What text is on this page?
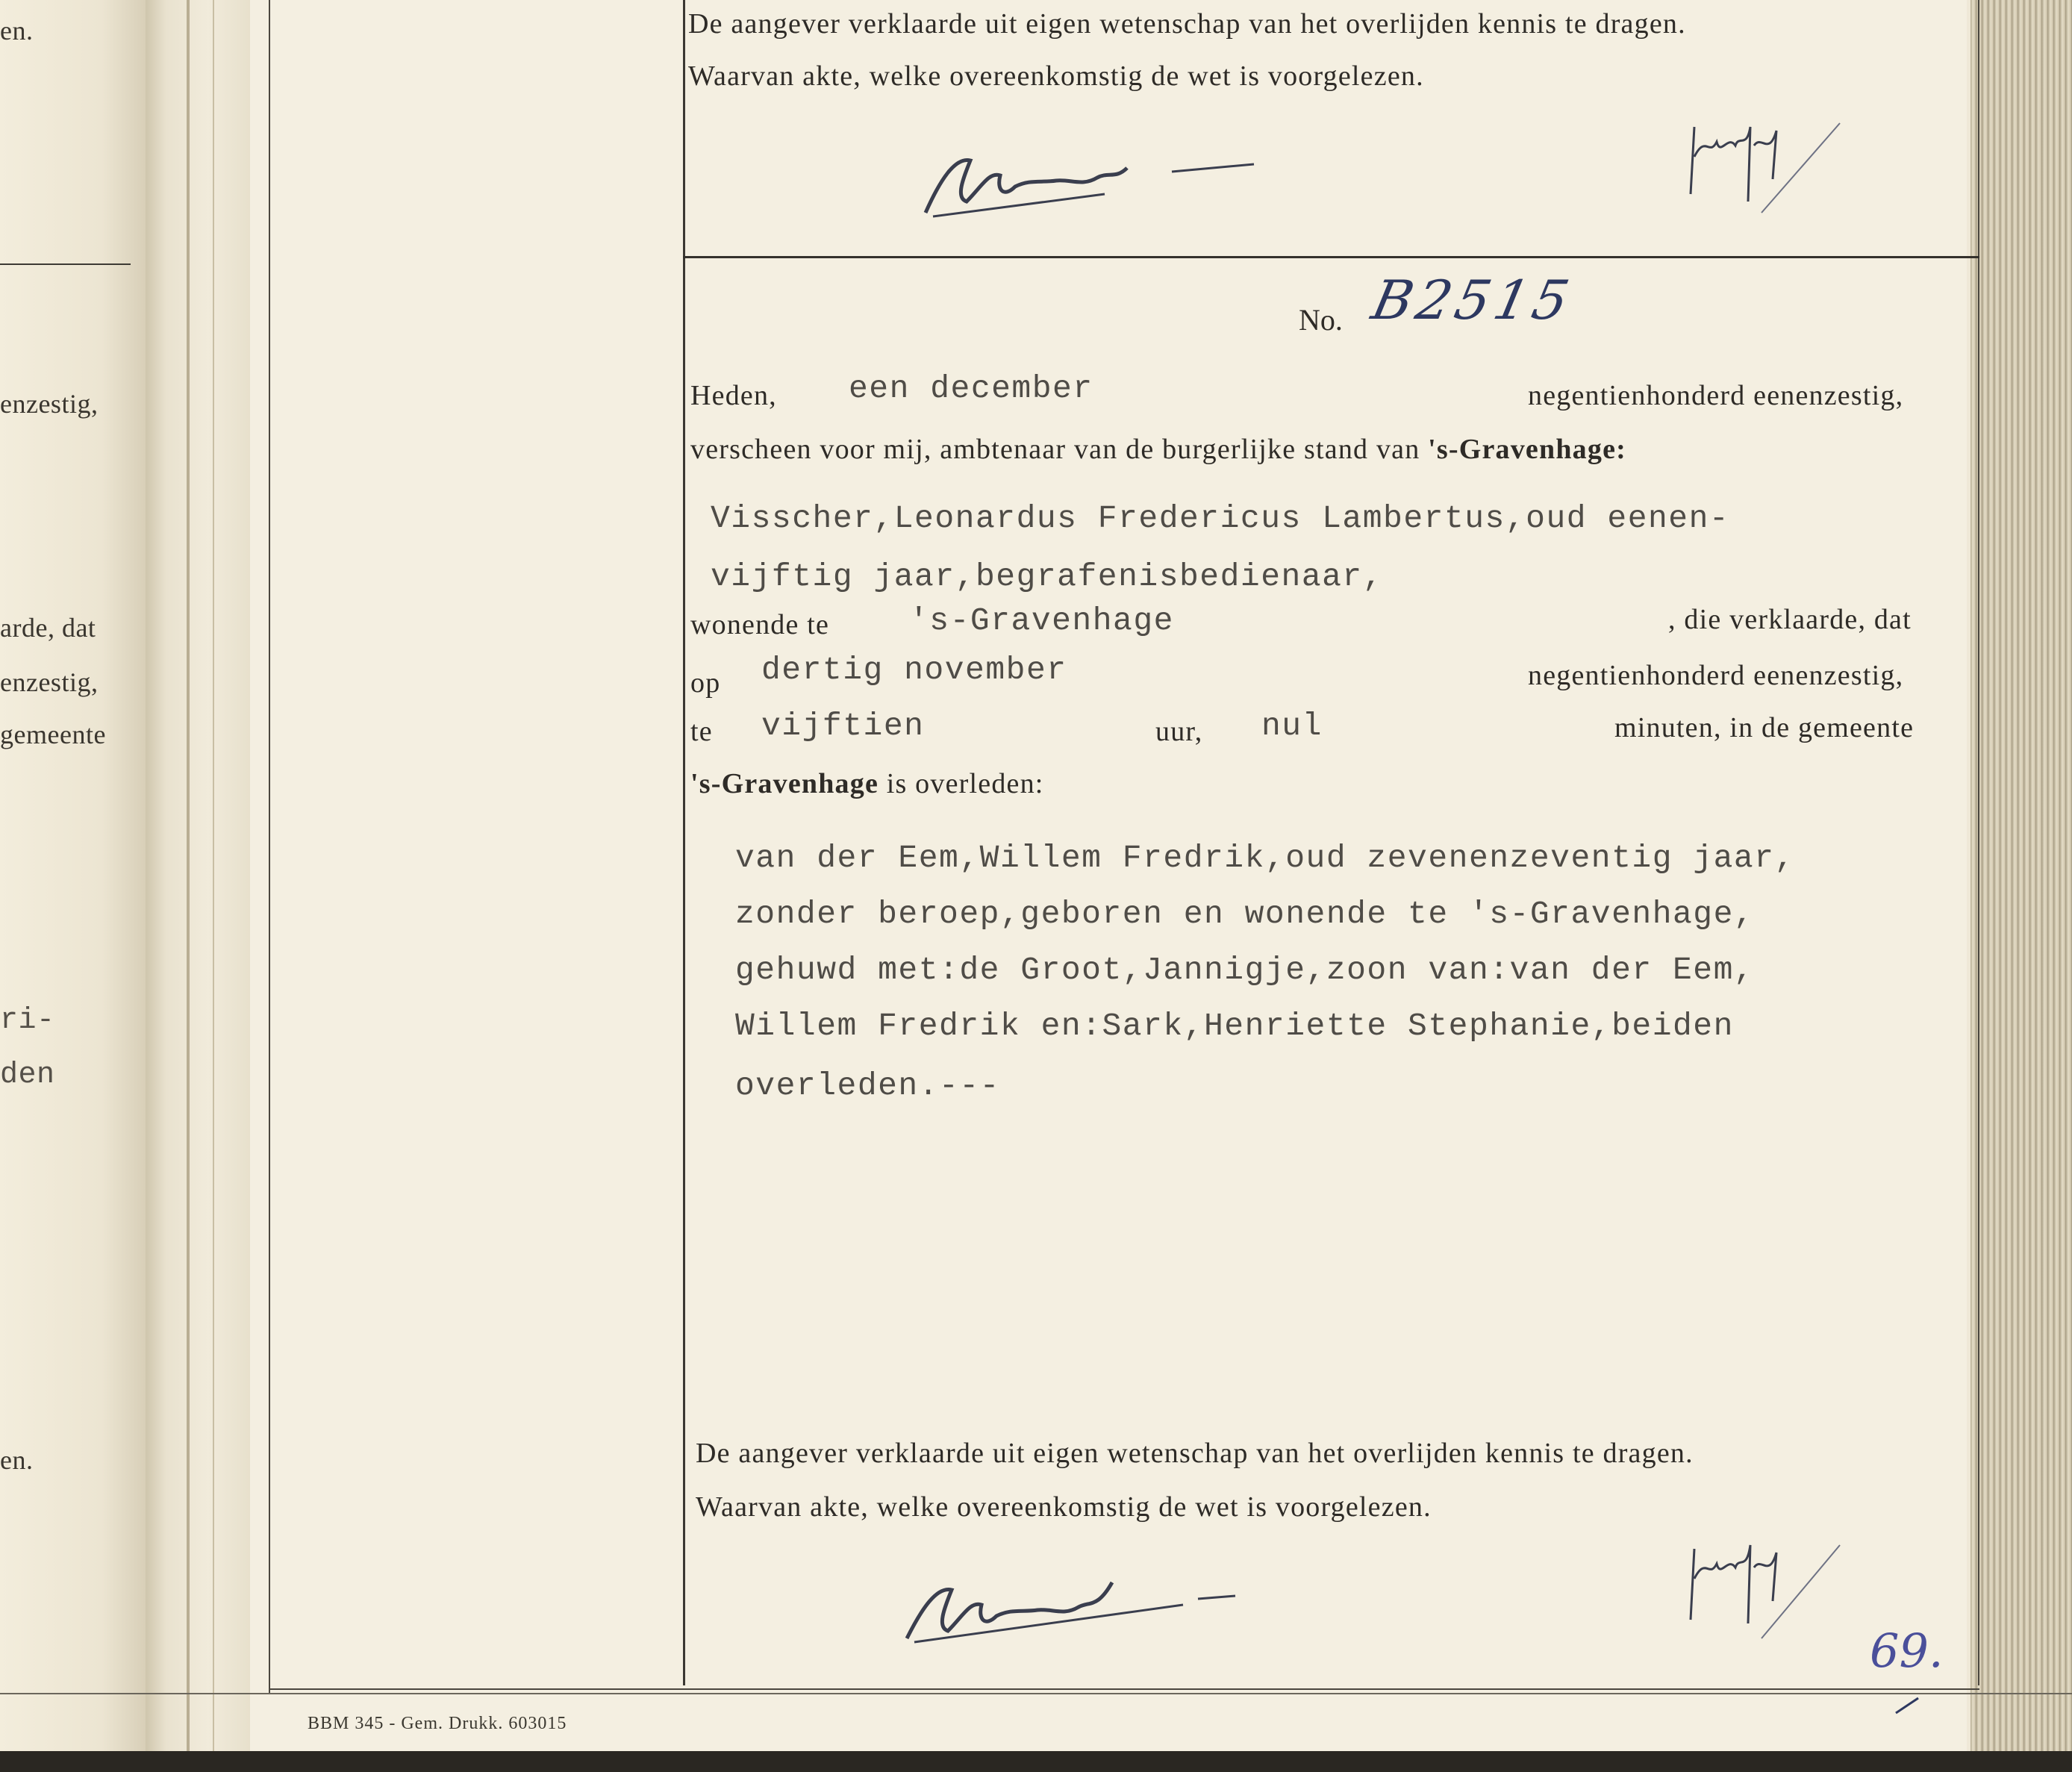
en.
enzestig,
arde, dat
enzestig,
gemeente
ri-
den
en.
De aangever verklaarde uit eigen wetenschap van het overlijden kennis te dragen.
Waarvan akte, welke overeenkomstig de wet is voorgelezen.
No. B2515
Heden, een december	negentienhonderd eenenzestig,
verscheen voor mij, ambtenaar van de burgerlijke stand van 's-Gravenhage:
Visscher,Leonardus Fredericus Lambertus,oud eenen-
vijftig jaar,begrafenisbedienaar,
wonende te 's-Gravenhage	, die verklaarde, dat
op dertig november	negentienhonderd eenenzestig,
te vijftien	uur, nul	minuten, in de gemeente
's-Gravenhage is overleden:
van der Eem,Willem Fredrik,oud zevenenzeventig jaar,
zonder beroep,geboren en wonende te 's-Gravenhage,
gehuwd met:de Groot,Jannigje,zoon van:van der Eem,
Willem Fredrik en:Sark,Henriette Stephanie,beiden
overleden.---
De aangever verklaarde uit eigen wetenschap van het overlijden kennis te dragen.
Waarvan akte, welke overeenkomstig de wet is voorgelezen.
69.
BBM 345 - Gem. Drukk. 603015
